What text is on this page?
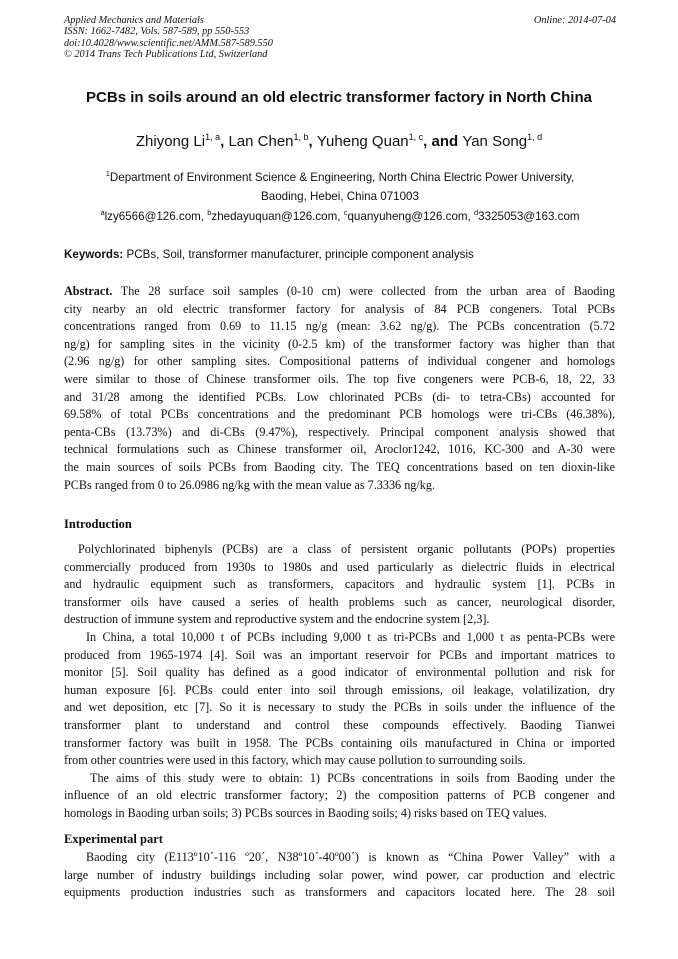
Applied Mechanics and Materials
ISSN: 1662-7482, Vols. 587-589, pp 550-553
doi:10.4028/www.scientific.net/AMM.587-589.550
© 2014 Trans Tech Publications Ltd, Switzerland
Online: 2014-07-04
PCBs in soils around an old electric transformer factory in North China
Zhiyong Li$^{1, a}$, Lan Chen$^{1, b}$, Yuheng Quan$^{1, c}$, and Yan Song$^{1, d}$
$^1$Department of Environment Science & Engineering, North China Electric Power University,
Baoding, Hebei, China 071003
$^a$lzy6566@126.com, $^b$zhedayuquan@126.com, $^c$quanyuheng@126.com, $^d$3325053@163.com
Keywords: PCBs, Soil, transformer manufacturer, principle component analysis
Abstract. The 28 surface soil samples (0-10 cm) were collected from the urban area of Baoding
city nearby an old electric transformer factory for analysis of 84 PCB congeners. Total PCBs
concentrations ranged from 0.69 to 11.15 ng/g (mean: 3.62 ng/g). The PCBs concentration (5.72
ng/g) for sampling sites in the vicinity (0-2.5 km) of the transformer factory was higher than that
(2.96 ng/g) for other sampling sites. Compositional patterns of individual congener and homologs
were similar to those of Chinese transformer oils. The top five congeners were PCB-6, 18, 22, 33
and 31/28 among the identified PCBs. Low chlorinated PCBs (di- to tetra-CBs) accounted for
69.58% of total PCBs concentrations and the predominant PCB homologs were tri-CBs (46.38%),
penta-CBs (13.73%) and di-CBs (9.47%), respectively. Principal component analysis showed that
technical formulations such as Chinese transformer oil, Aroclor1242, 1016, KC-300 and A-30 were
the main sources of soils PCBs from Baoding city. The TEQ concentrations based on ten dioxin-like
PCBs ranged from 0 to 26.0986 ng/kg with the mean value as 7.3336 ng/kg.
Introduction
Polychlorinated biphenyls (PCBs) are a class of persistent organic pollutants (POPs) properties
commercially produced from 1930s to 1980s and used particularly as dielectric fluids in electrical
and hydraulic equipment such as transformers, capacitors and hydraulic system [1]. PCBs in
transformer oils have caused a series of health problems such as cancer, neurological disorder,
destruction of immune system and reproductive system and the endocrine system [2,3].
In China, a total 10,000 t of PCBs including 9,000 t as tri-PCBs and 1,000 t as penta-PCBs were
produced from 1965-1974 [4]. Soil was an important reservoir for PCBs and important matrices to
monitor [5]. Soil quality has defined as a good indicator of environmental pollution and risk for
human exposure [6]. PCBs could enter into soil through emissions, oil leakage, volatilization, dry
and wet deposition, etc [7]. So it is necessary to study the PCBs in soils under the influence of the
transformer plant to understand and control these compounds effectively. Baoding Tianwei
transformer factory was built in 1958. The PCBs containing oils manufactured in China or imported
from other countries were used in this factory, which may cause pollution to surrounding soils.
The aims of this study were to obtain: 1) PCBs concentrations in soils from Baoding under the
influence of an old electric transformer factory; 2) the composition patterns of PCB congener and
homologs in Baoding urban soils; 3) PCBs sources in Baoding soils; 4) risks based on TEQ values.
Experimental part
Baoding city (E113º10´-116 º20´, N38º10´-40º00´) is known as “China Power Valley” with a
large number of industry buildings including solar power, wind power, car production and electric
equipments production industries such as transformers and capacitors located here. The 28 soil
